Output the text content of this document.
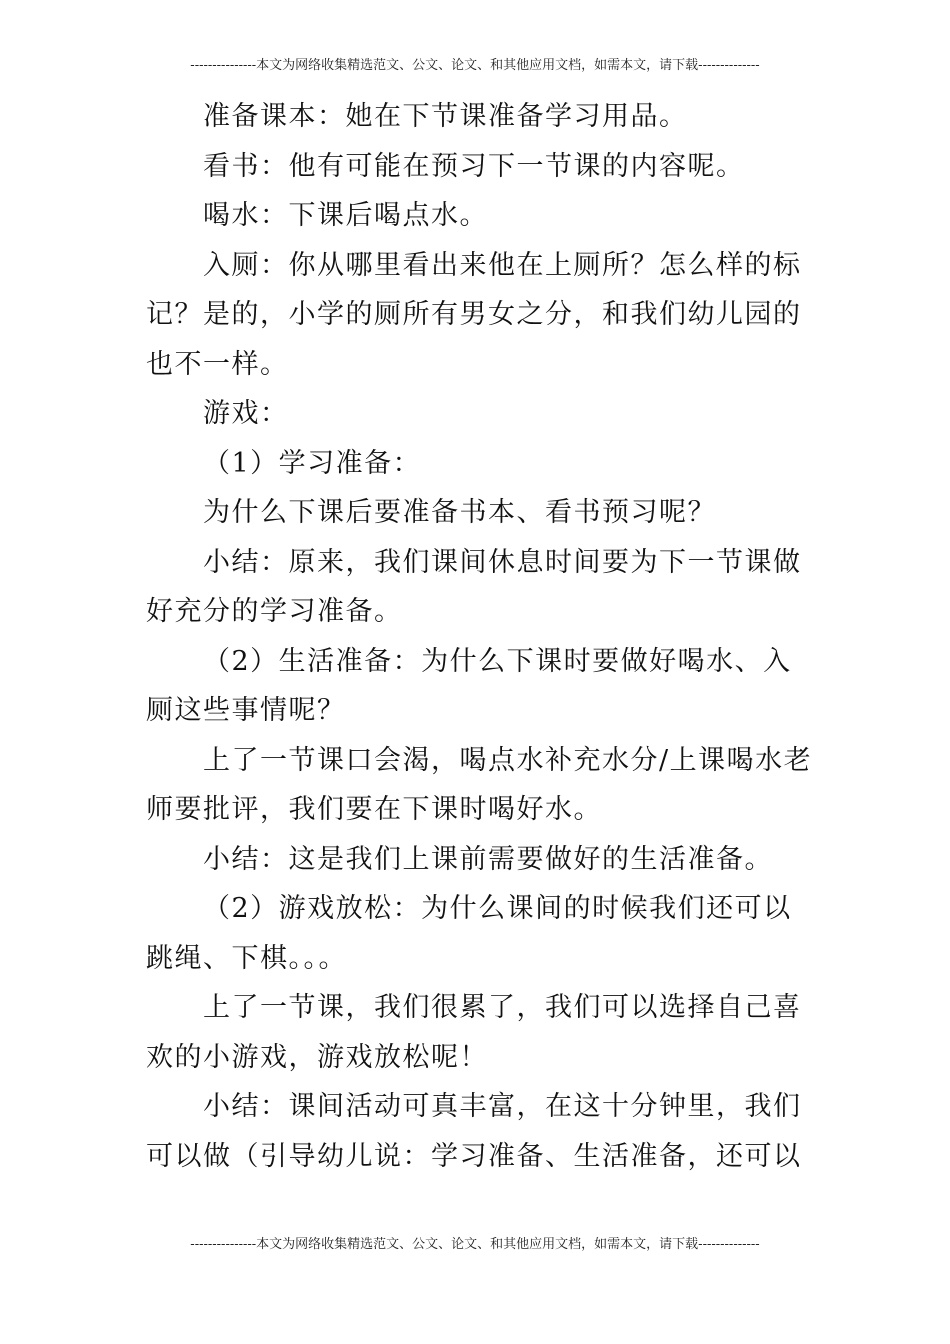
---------------本文为网络收集精选范文、公文、论文、和其他应用文档，如需本文，请下载--------------

准备课本：她在下节课准备学习用品。

看书：他有可能在预习下一节课的内容呢。

喝水：下课后喝点水。

入厕：你从哪里看出来他在上厕所？怎么样的标记？是的，小学的厕所有男女之分，和我们幼儿园的也不一样。

游戏：

（1）学习准备：

为什么下课后要准备书本、看书预习呢？

小结：原来，我们课间休息时间要为下一节课做好充分的学习准备。

（2）生活准备：为什么下课时要做好喝水、入厕这些事情呢？

上了一节课口会渴，喝点水补充水分/上课喝水老师要批评，我们要在下课时喝好水。

小结：这是我们上课前需要做好的生活准备。

（2）游戏放松：为什么课间的时候我们还可以跳绳、下棋。。。

上了一节课，我们很累了，我们可以选择自己喜欢的小游戏，游戏放松呢！

小结：课间活动可真丰富，在这十分钟里，我们可以做（引导幼儿说：学习准备、生活准备，还可以

---------------本文为网络收集精选范文、公文、论文、和其他应用文档，如需本文，请下载--------------
